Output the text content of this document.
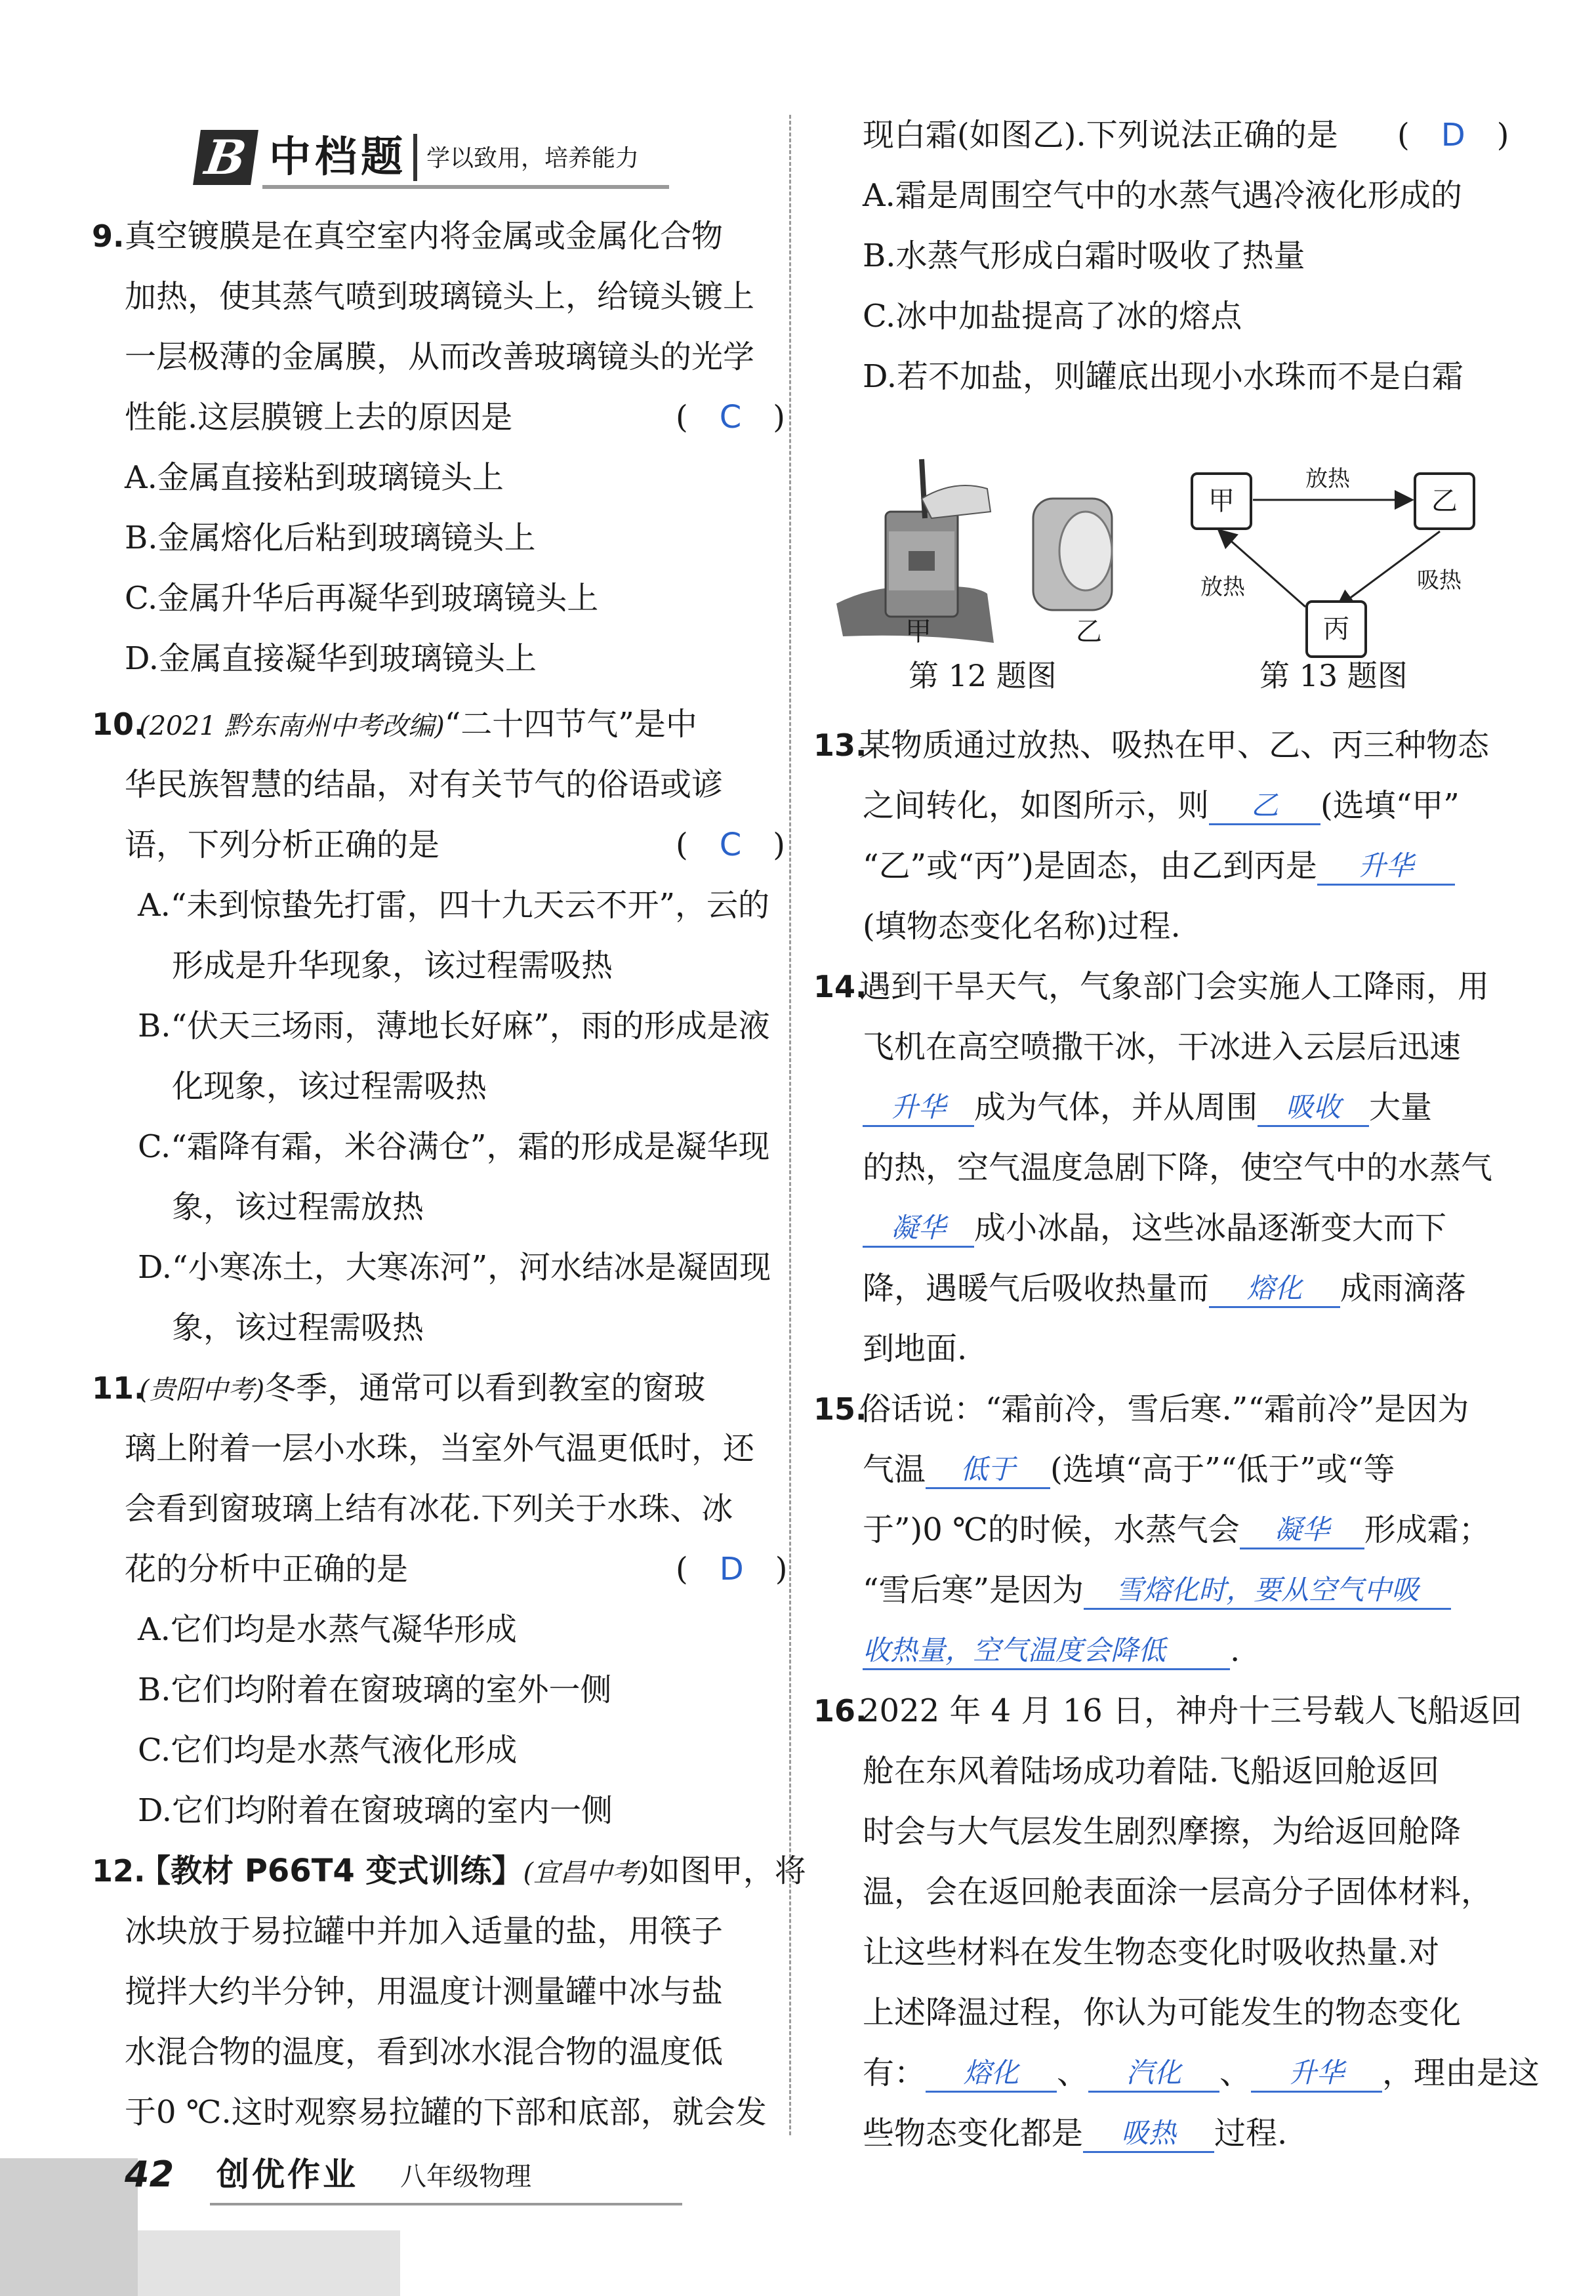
B 中档题 学以致用，培养能力
9. 真空镀膜是在真空室内将金属或金属化合物
加热，使其蒸气喷到玻璃镜头上，给镜头镀上
一层极薄的金属膜，从而改善玻璃镜头的光学
性能.这层膜镀上去的原因是	(　C　)
A.金属直接粘到玻璃镜头上
B.金属熔化后粘到玻璃镜头上
C.金属升华后再凝华到玻璃镜头上
D.金属直接凝华到玻璃镜头上
10.
(2021 黔东南州中考改编)“二十四节气”是中
华民族智慧的结晶，对有关节气的俗语或谚
语，下列分析正确的是	(　C　)
A.“未到惊蛰先打雷，四十九天云不开”，云的
形成是升华现象，该过程需吸热
B.“伏天三场雨，薄地长好麻”，雨的形成是液
化现象，该过程需吸热
C.“霜降有霜，米谷满仓”，霜的形成是凝华现
象，该过程需放热
D.“小寒冻土，大寒冻河”，河水结冰是凝固现
象，该过程需吸热
11.
(贵阳中考)冬季，通常可以看到教室的窗玻
璃上附着一层小水珠，当室外气温更低时，还
会看到窗玻璃上结有冰花.下列关于水珠、冰
花的分析中正确的是	(　D　)
A.它们均是水蒸气凝华形成
B.它们均附着在窗玻璃的室外一侧
C.它们均是水蒸气液化形成
D.它们均附着在窗玻璃的室内一侧
12.
【教材 P66T4 变式训练】(宜昌中考)如图甲，将
冰块放于易拉罐中并加入适量的盐，用筷子
搅拌大约半分钟，用温度计测量罐中冰与盐
水混合物的温度，看到冰水混合物的温度低
于0 ℃.这时观察易拉罐的下部和底部，就会发
现白霜(如图乙).下列说法正确的是 (　D　)
A.霜是周围空气中的水蒸气遇冷液化形成的
B.水蒸气形成白霜时吸收了热量
C.冰中加盐提高了冰的熔点
D.若不加盐，则罐底出现小水珠而不是白霜
甲	乙
第 12 题图
甲	乙
丙
放热
吸热
放热
第 13 题图
13.
某物质通过放热、吸热在甲、乙、丙三种物态
之间转化，如图所示，则 乙 (选填“甲”
“乙”或“丙”)是固态，由乙到丙是 升华
(填物态变化名称)过程.
14.
遇到干旱天气，气象部门会实施人工降雨，用
飞机在高空喷撒干冰，干冰进入云层后迅速
升华 成为气体，并从周围 吸收 大量
的热，空气温度急剧下降，使空气中的水蒸气
凝华 成小冰晶，这些冰晶逐渐变大而下
降，遇暖气后吸收热量而 熔化 成雨滴落
到地面.
15.
俗话说：“霜前冷，雪后寒.”“霜前冷”是因为
气温 低于 (选填“高于”“低于”或“等
于”)0 ℃的时候，水蒸气会 凝华 形成霜；
“雪后寒”是因为 雪熔化时，要从空气中吸
收热量，空气温度会降低 .
16.
2022 年 4 月 16 日，神舟十三号载人飞船返回
舱在东风着陆场成功着陆.飞船返回舱返回
时会与大气层发生剧烈摩擦，为给返回舱降
温，会在返回舱表面涂一层高分子固体材料，
让这些材料在发生物态变化时吸收热量.对
上述降温过程，你认为可能发生的物态变化
有： 熔化 、 汽化 、 升华 ，理由是这
些物态变化都是 吸热 过程.
42 创优作业 八年级物理
